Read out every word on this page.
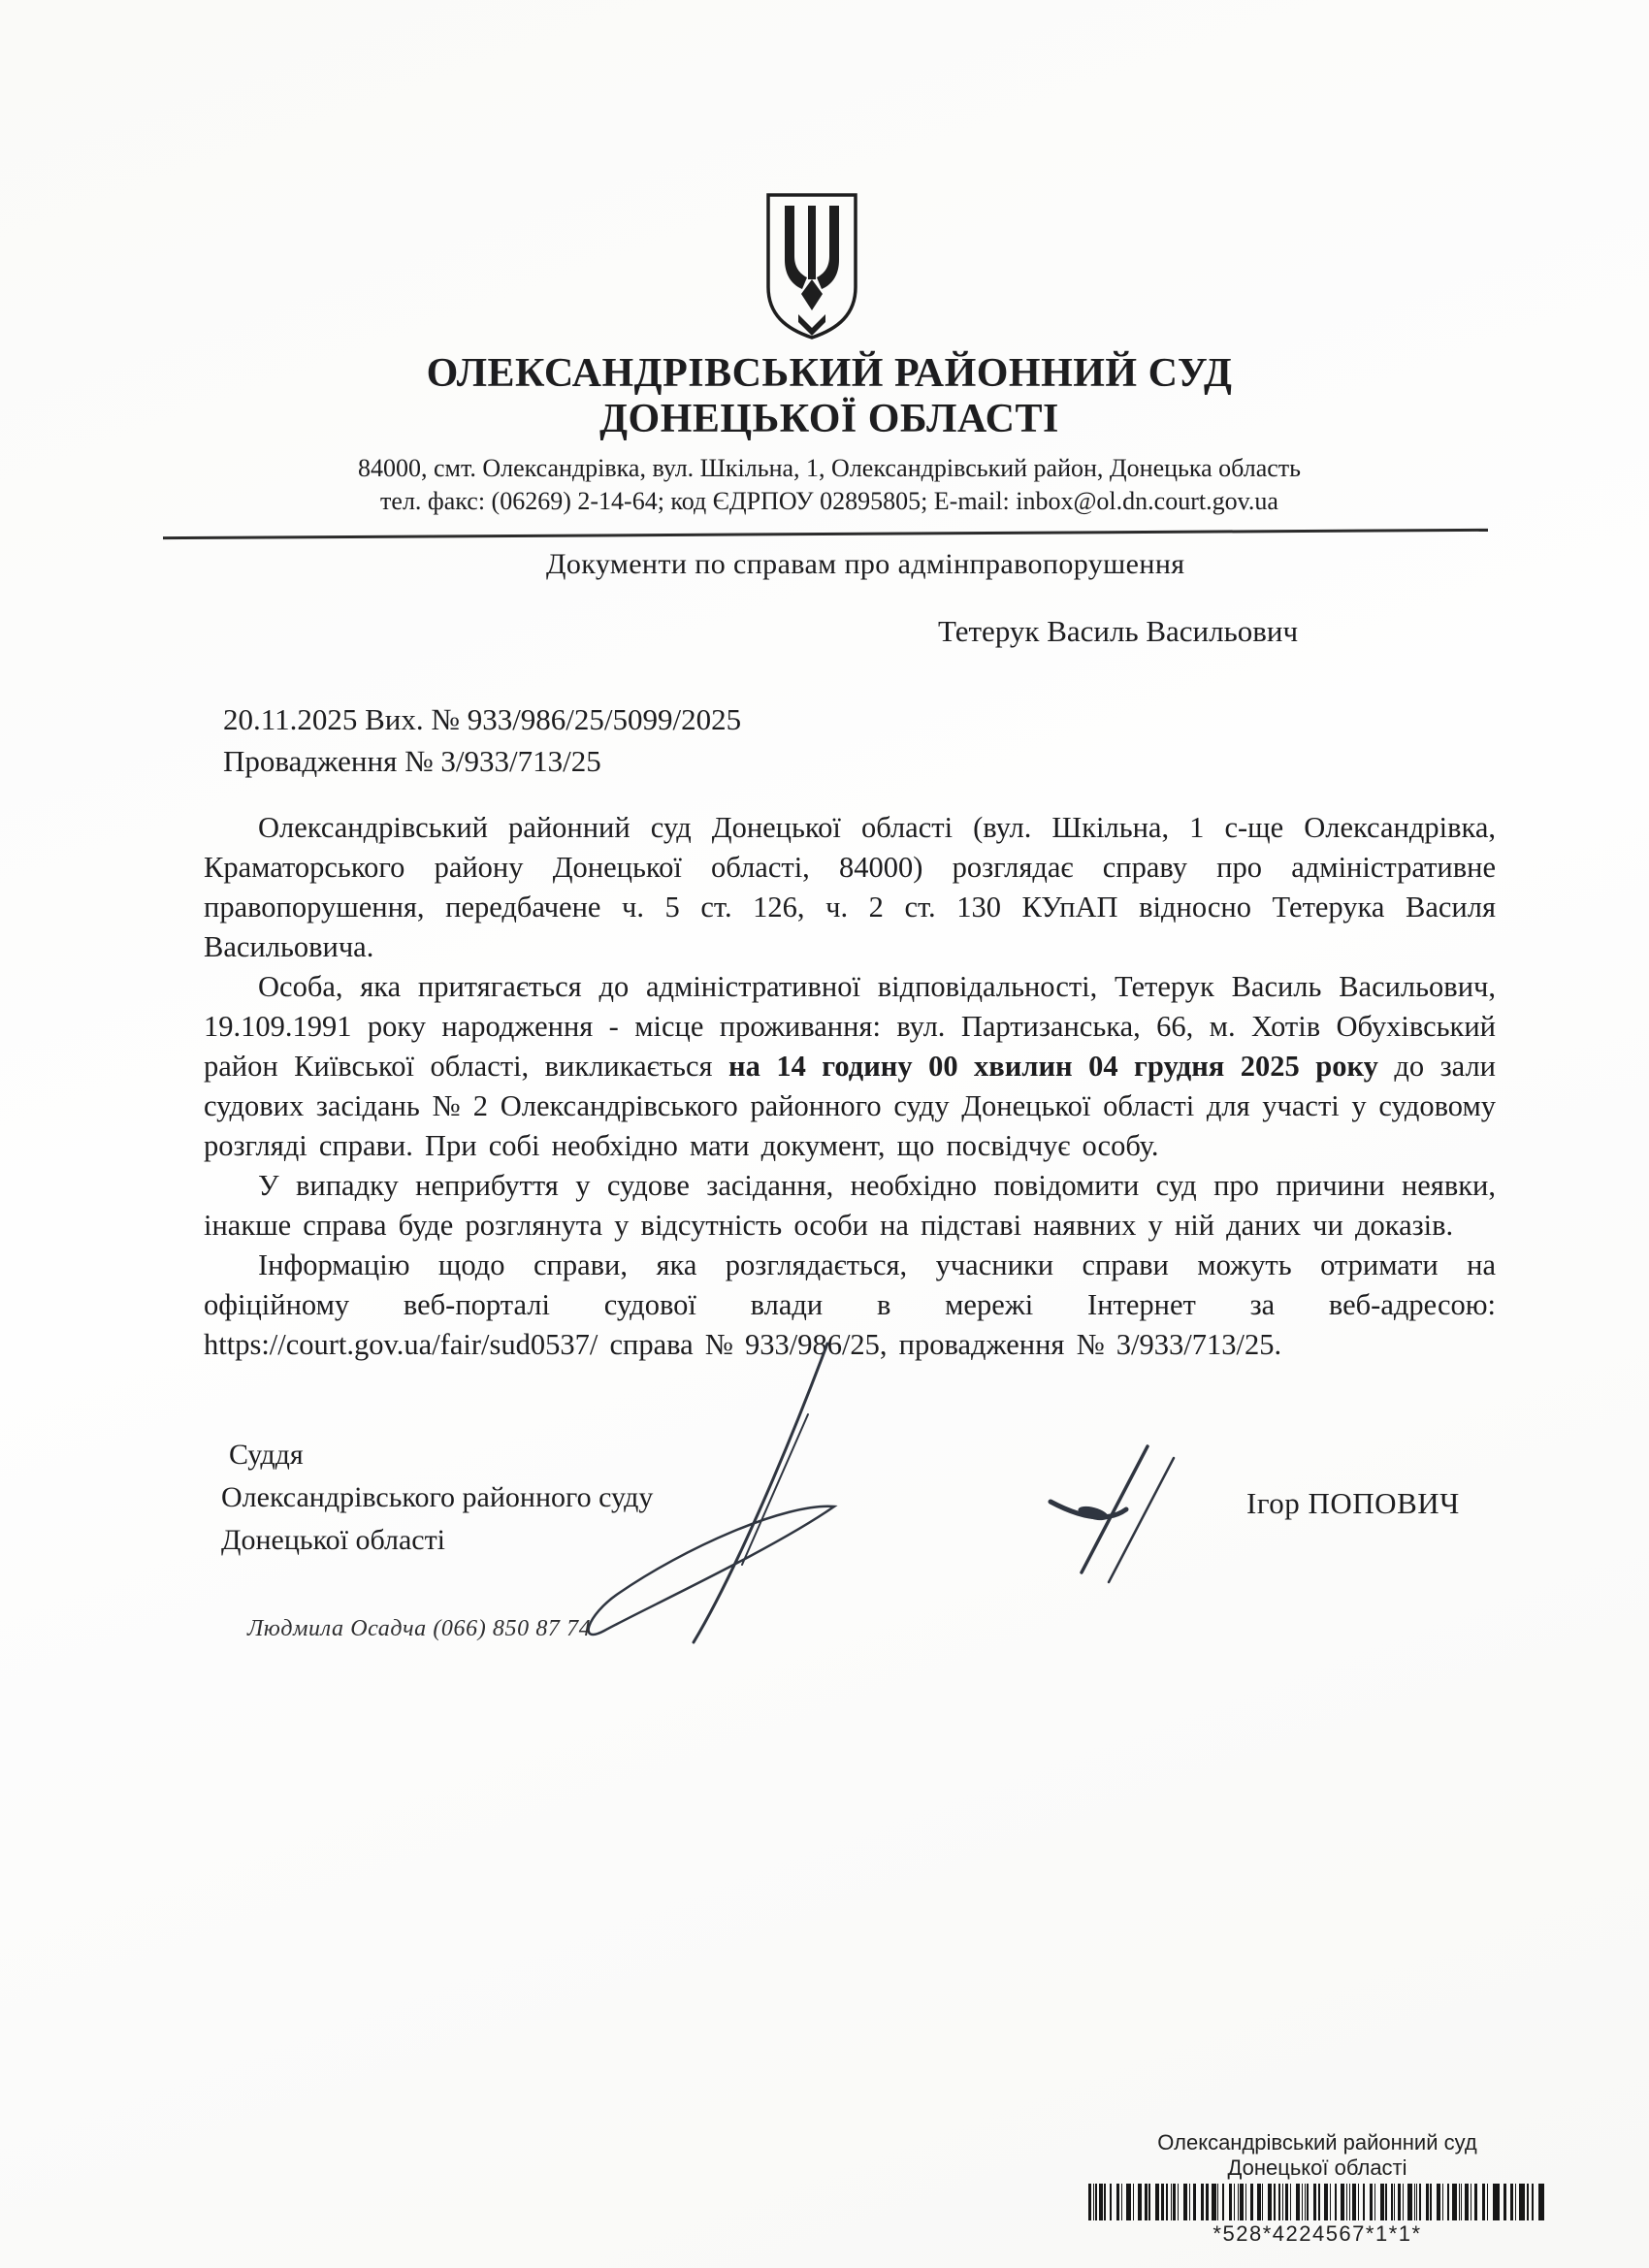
ОЛЕКСАНДРІВСЬКИЙ РАЙОННИЙ СУД
ДОНЕЦЬКОЇ ОБЛАСТІ
84000, смт. Олександрівка, вул. Шкільна, 1, Олександрівський район, Донецька область
тел. факс: (06269) 2-14-64; код ЄДРПОУ 02895805; E-mail: inbox@ol.dn.court.gov.ua
Документи по справам про адмінправопорушення
Тетерук Василь Васильович
20.11.2025 Вих. № 933/986/25/5099/2025
Провадження № 3/933/713/25

Олександрівський районний суд Донецької області (вул. Шкільна, 1 с-ще Олександрівка, Краматорського району Донецької області, 84000) розглядає справу про адміністративне правопорушення, передбачене ч. 5 ст. 126, ч. 2 ст. 130 КУпАП відносно Тетерука Василя Васильовича.

Особа, яка притягається до адміністративної відповідальності, Тетерук Василь Васильович, 19.109.1991 року народження - місце проживання: вул. Партизанська, 66, м. Хотів Обухівський район Київської області, викликається на 14 годину 00 хвилин 04 грудня 2025 року до зали судових засідань № 2 Олександрівського районного суду Донецької області для участі у судовому розгляді справи. При собі необхідно мати документ, що посвідчує особу.

У випадку неприбуття у судове засідання, необхідно повідомити суд про причини неявки, інакше справа буде розглянута у відсутність особи на підставі наявних у ній даних чи доказів.

Інформацію щодо справи, яка розглядається, учасники справи можуть отримати на офіційному веб-порталі судової влади в мережі Інтернет за веб-адресою: https://court.gov.ua/fair/sud0537/ справа № 933/986/25, провадження № 3/933/713/25.

Суддя
Олександрівського районного суду
Донецької області
Ігор ПОПОВИЧ
Людмила Осадча (066) 850 87 74
Олександрівський районний суд
Донецької області
*528*4224567*1*1*
